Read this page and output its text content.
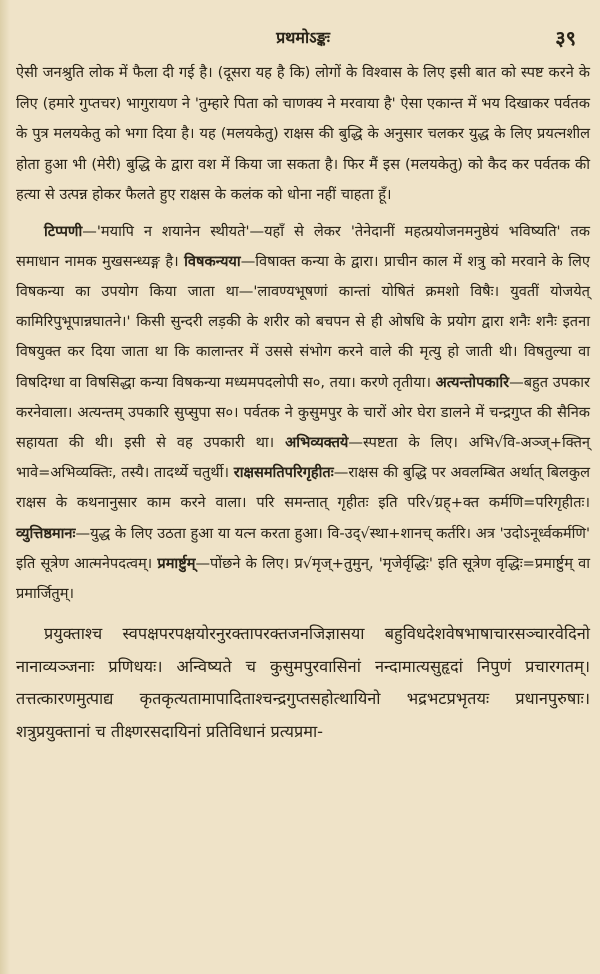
प्रथमोऽङ्कः	३९

ऐसी जनश्रुति लोक में फैला दी गई है। (दूसरा यह है कि) लोगों के विश्वास के लिए इसी बात को स्पष्ट करने के लिए (हमारे गुप्तचर) भागुरायण ने 'तुम्हारे पिता को चाणक्य ने मरवाया है' ऐसा एकान्त में भय दिखाकर पर्वतक के पुत्र मलयकेतु को भगा दिया है। यह (मलयकेतु) राक्षस की बुद्धि के अनुसार चलकर युद्ध के लिए प्रयत्नशील होता हुआ भी (मेरी) बुद्धि के द्वारा वश में किया जा सकता है। फिर मैं इस (मलयकेतु) को कैद कर पर्वतक की हत्या से उत्पन्न होकर फैलते हुए राक्षस के कलंक को धोना नहीं चाहता हूँ।

टिप्पणी—'मयापि न शयानेन स्थीयते'—यहाँ से लेकर 'तेनेदानीं महत्प्रयोजनमनुष्ठेयं भविष्यति' तक समाधान नामक मुखसन्ध्यङ्ग है। विषकन्यया—विषाक्त कन्या के द्वारा। प्राचीन काल में शत्रु को मरवाने के लिए विषकन्या का उपयोग किया जाता था—'लावण्यभूषणां कान्तां योषितं क्रमशो विषैः। युवतीं योजयेत् कामिरिपुभूपान्नघातने।' किसी सुन्दरी लड़की के शरीर को बचपन से ही ओषधि के प्रयोग द्वारा शनैः शनैः इतना विषयुक्त कर दिया जाता था कि कालान्तर में उससे संभोग करने वाले की मृत्यु हो जाती थी। विषतुल्या वा विषदिग्धा वा विषसिद्धा कन्या विषकन्या मध्यमपदलोपी स०, तया। करणे तृतीया। अत्यन्तोपकारि—बहुत उपकार करनेवाला। अत्यन्तम् उपकारि सुप्सुपा स०। पर्वतक ने कुसुमपुर के चारों ओर घेरा डालने में चन्द्रगुप्त की सैनिक सहायता की थी। इसी से वह उपकारी था। अभिव्यक्तये—स्पष्टता के लिए। अभि√वि-अञ्ज्+क्तिन् भावे=अभिव्यक्तिः, तस्यै। तादर्थ्ये चतुर्थी। राक्षसमतिपरिगृहीतः—राक्षस की बुद्धि पर अवलम्बित अर्थात् बिलकुल राक्षस के कथनानुसार काम करने वाला। परि समन्तात् गृहीतः इति परि√ग्रह्+क्त कर्मणि=परिगृहीतः। व्युत्तिष्ठमानः—युद्ध के लिए उठता हुआ या यत्न करता हुआ। वि-उद्√स्था+शानच् कर्तरि। अत्र 'उदोऽनूर्ध्वकर्मणि' इति सूत्रेण आत्मनेपदत्वम्। प्रमार्ष्टुम्—पोंछने के लिए। प्र√मृज्+तुमुन्, 'मृजेर्वृद्धिः' इति सूत्रेण वृद्धिः=प्रमार्ष्टुम् वा प्रमार्जितुम्।

प्रयुक्ताश्च स्वपक्षपरपक्षयोरनुरक्तापरक्तजनजिज्ञासया बहुविधदेशवेषभाषाचारसञ्चारवेदिनो नानाव्यञ्जनाः प्रणिधयः। अन्विष्यते च कुसुमपुरवासिनां नन्दामात्यसुहृदां निपुणं प्रचारगतम्। तत्तत्कारणमुत्पाद्य कृतकृत्यतामापादिताश्चन्द्रगुप्तसहोत्थायिनो भद्रभटप्रभृतयः प्रधानपुरुषाः। शत्रुप्रयुक्तानां च तीक्ष्णरसदायिनां प्रतिविधानं प्रत्यप्रमा-
